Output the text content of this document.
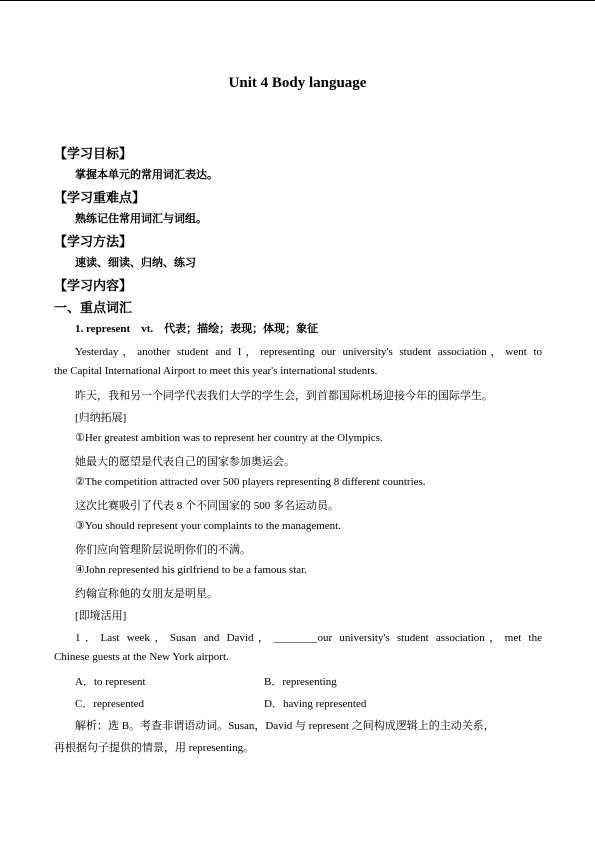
Unit 4 Body language
【学习目标】
掌握本单元的常用词汇表达。
【学习重难点】
熟练记住常用词汇与词组。
【学习方法】
速读、细读、归纳、练习
【学习内容】
一、重点词汇
1. represent　vt.　代表；描绘；表现；体现；象征
Yesterday，another student and I，representing our university's student association，went to
the Capital International Airport to meet this year's international students.
昨天，我和另一个同学代表我们大学的学生会，到首都国际机场迎接今年的国际学生。
[归纳拓展]
①Her greatest ambition was to represent her country at the Olympics.
她最大的愿望是代表自己的国家参加奥运会。
②The competition attracted over 500 players representing 8 different countries.
这次比赛吸引了代表 8 个不同国家的 500 多名运动员。
③You should represent your complaints to the management.
你们应向管理阶层说明你们的不满。
④John represented his girlfriend to be a famous star.
约翰宣称他的女朋友是明星。
[即境活用]
1．Last week，Susan and David，________our university's student association，met the
Chinese guests at the New York airport.
A．to represent	B．representing
C．represented	D．having represented
解析：选 B。考查非谓语动词。Susan，David 与 represent 之间构成逻辑上的主动关系，
再根据句子提供的情景，用 representing。
